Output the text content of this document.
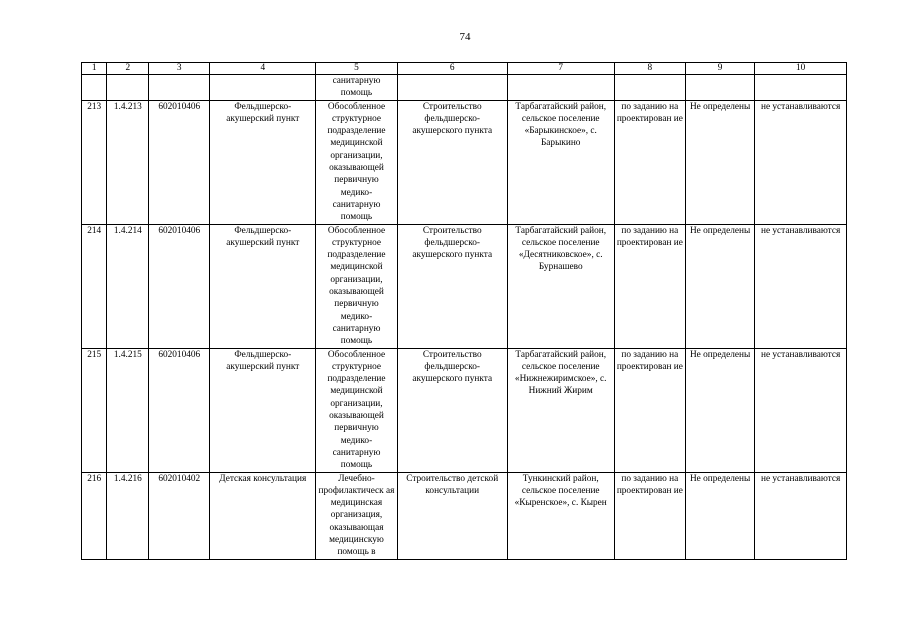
74
1	2	3	4	5	6	7	8	9	10
				санитарную помощь					
213	1.4.213	602010406	Фельдшерско-акушерский пункт	Обособленное структурное подразделение медицинской организации, оказывающей первичную медико-санитарную помощь	Строительство фельдшерско-акушерского пункта	Тарбагатайский район, сельское поселение «Барыкинское», с. Барыкино	по заданию на проектирован ие	Не определены	не устанавливаются
214	1.4.214	602010406	Фельдшерско-акушерский пункт	Обособленное структурное подразделение медицинской организации, оказывающей первичную медико-санитарную помощь	Строительство фельдшерско-акушерского пункта	Тарбагатайский район, сельское поселение «Десятниковское», с. Бурнашево	по заданию на проектирован ие	Не определены	не устанавливаются
215	1.4.215	602010406	Фельдшерско-акушерский пункт	Обособленное структурное подразделение медицинской организации, оказывающей первичную медико-санитарную помощь	Строительство фельдшерско-акушерского пункта	Тарбагатайский район, сельское поселение «Нижнежиримское», с. Нижний Жирим	по заданию на проектирован ие	Не определены	не устанавливаются
216	1.4.216	602010402	Детская консультация	Лечебно-профилактическ ая медицинская организация, оказывающая медицинскую помощь в	Строительство детской консультации	Тункинский район, сельское поселение «Кыренское», с. Кырен	по заданию на проектирован ие	Не определены	не устанавливаются
